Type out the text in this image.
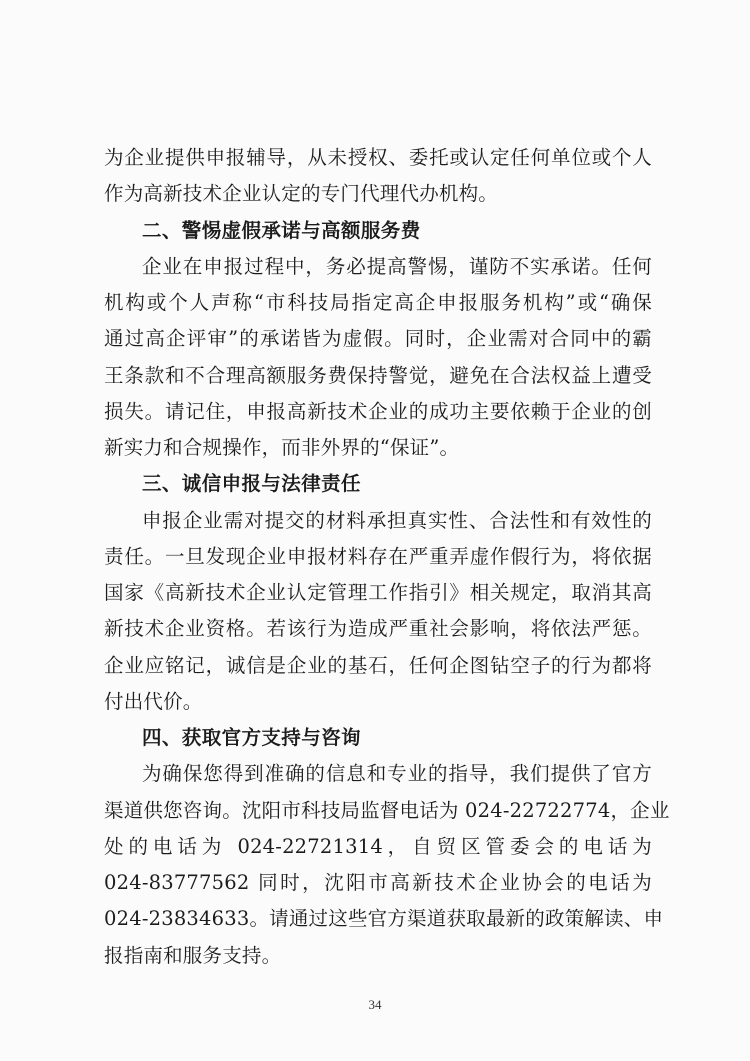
为企业提供申报辅导，从未授权、委托或认定任何单位或个人
作为高新技术企业认定的专门代理代办机构。
二、警惕虚假承诺与高额服务费
企业在申报过程中，务必提高警惕，谨防不实承诺。任何
机构或个人声称“市科技局指定高企申报服务机构”或“确保
通过高企评审”的承诺皆为虚假。同时，企业需对合同中的霸
王条款和不合理高额服务费保持警觉，避免在合法权益上遭受
损失。请记住，申报高新技术企业的成功主要依赖于企业的创
新实力和合规操作，而非外界的“保证”。
三、诚信申报与法律责任
申报企业需对提交的材料承担真实性、合法性和有效性的
责任。一旦发现企业申报材料存在严重弄虚作假行为，将依据
国家《高新技术企业认定管理工作指引》相关规定，取消其高
新技术企业资格。若该行为造成严重社会影响，将依法严惩。
企业应铭记，诚信是企业的基石，任何企图钻空子的行为都将
付出代价。
四、获取官方支持与咨询
为确保您得到准确的信息和专业的指导，我们提供了官方
渠道供您咨询。沈阳市科技局监督电话为 024-22722774，企业
处的电话为 024-22721314，自贸区管委会的电话为
024-83777562 同时，沈阳市高新技术企业协会的电话为
024-23834633。请通过这些官方渠道获取最新的政策解读、申
报指南和服务支持。
34
